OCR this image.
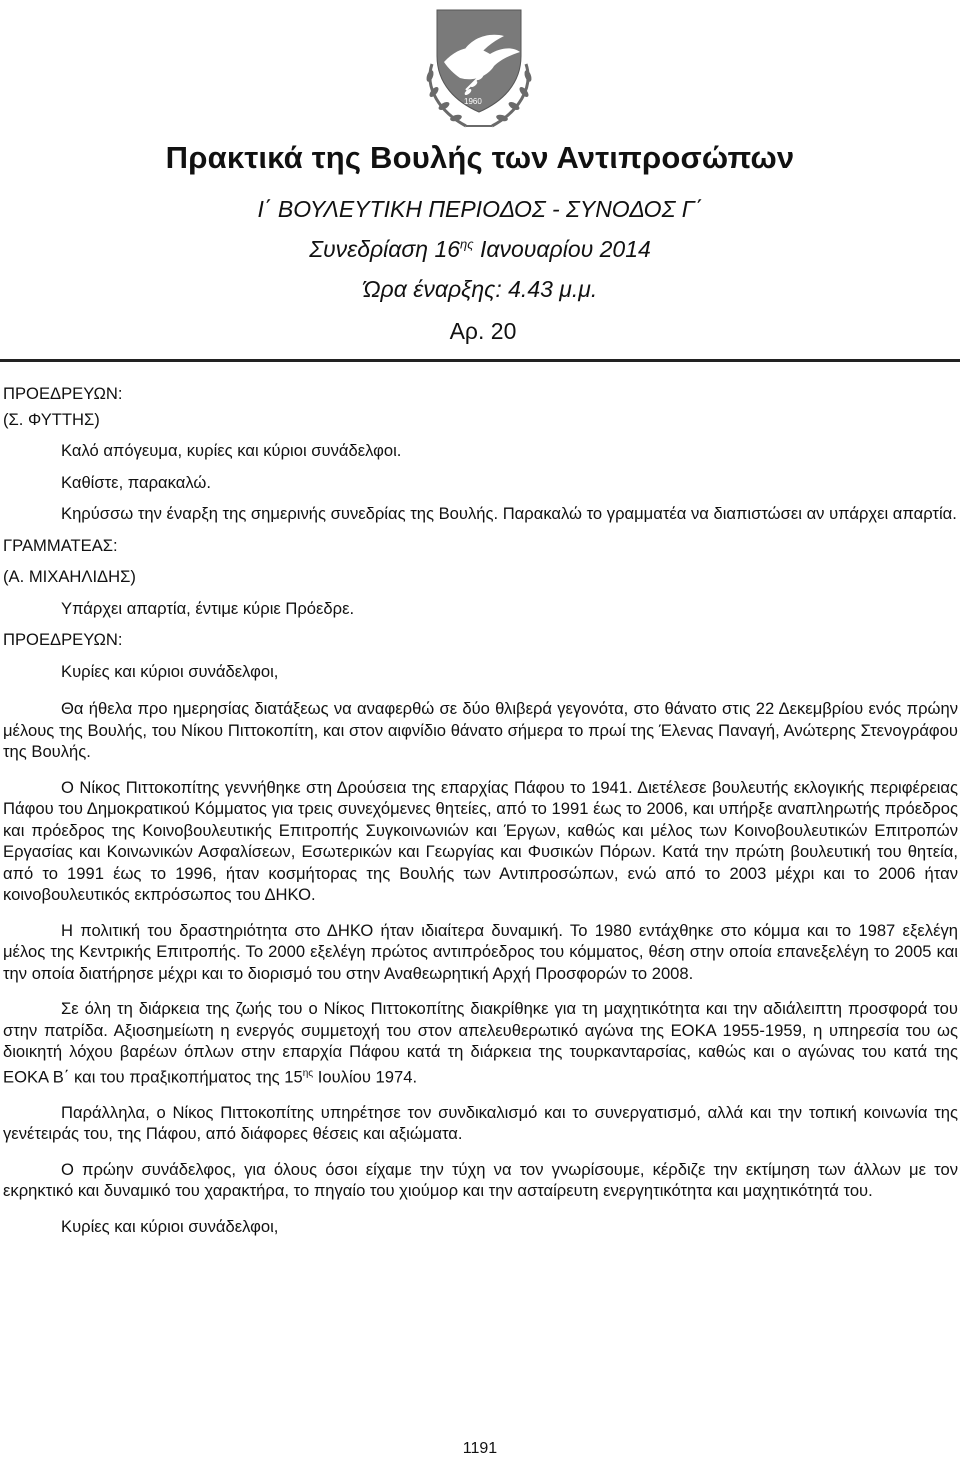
1960
Πρακτικά της Βουλής των Αντιπροσώπων
Ι΄ ΒΟΥΛΕΥΤΙΚΗ ΠΕΡΙΟΔΟΣ - ΣΥΝΟΔΟΣ Γ΄
Συνεδρίαση $16^{\eta\varsigma}$ Ιανουαρίου 2014
Ώρα έναρξης: 4.43 μ.μ.
Αρ. 20

ΠΡΟΕΔΡΕΥΩΝ:

(Σ. ΦΥΤΤΗΣ)

Καλό απόγευμα, κυρίες και κύριοι συνάδελφοι.

Καθίστε, παρακαλώ.

Κηρύσσω την έναρξη της σημερινής συνεδρίας της Βουλής. Παρακαλώ το γραμματέα να διαπιστώσει αν υπάρχει απαρτία.

ΓΡΑΜΜΑΤΕΑΣ:

(Α. ΜΙΧΑΗΛΙΔΗΣ)

Υπάρχει απαρτία, έντιμε κύριε Πρόεδρε.

ΠΡΟΕΔΡΕΥΩΝ:

Κυρίες και κύριοι συνάδελφοι,

Θα ήθελα προ ημερησίας διατάξεως να αναφερθώ σε δύο θλιβερά γεγονότα, στο θάνατο στις 22 Δεκεμβρίου ενός πρώην μέλους της Βουλής, του Νίκου Πιττοκοπίτη, και στον αιφνίδιο θάνατο σήμερα το πρωί της Έλενας Παναγή, Ανώτερης Στενογράφου της Βουλής.

Ο Νίκος Πιττοκοπίτης γεννήθηκε στη Δρούσεια της επαρχίας Πάφου το 1941. Διετέλεσε βουλευτής εκλογικής περιφέρειας Πάφου του Δημοκρατικού Κόμματος για τρεις συνεχόμενες θητείες, από το 1991 έως το 2006, και υπήρξε αναπληρωτής πρόεδρος και πρόεδρος της Κοινοβουλευτικής Επιτροπής Συγκοινωνιών και Έργων, καθώς και μέλος των Κοινοβουλευτικών Επιτροπών Εργασίας και Κοινωνικών Ασφαλίσεων, Εσωτερικών και Γεωργίας και Φυσικών Πόρων. Κατά την πρώτη βουλευτική του θητεία, από το 1991 έως το 1996, ήταν κοσμήτορας της Βουλής των Αντιπροσώπων, ενώ από το 2003 μέχρι και το 2006 ήταν κοινοβουλευτικός εκπρόσωπος του ΔΗΚΟ.

Η πολιτική του δραστηριότητα στο ΔΗΚΟ ήταν ιδιαίτερα δυναμική. Το 1980 εντάχθηκε στο κόμμα και το 1987 εξελέγη μέλος της Κεντρικής Επιτροπής. Το 2000 εξελέγη πρώτος αντιπρόεδρος του κόμματος, θέση στην οποία επανεξελέγη το 2005 και την οποία διατήρησε μέχρι και το διορισμό του στην Αναθεωρητική Αρχή Προσφορών το 2008.

Σε όλη τη διάρκεια της ζωής του ο Νίκος Πιττοκοπίτης διακρίθηκε για τη μαχητικότητα και την αδιάλειπτη προσφορά του στην πατρίδα. Αξιοσημείωτη η ενεργός συμμετοχή του στον απελευθερωτικό αγώνα της ΕΟΚΑ 1955-1959, η υπηρεσία του ως διοικητή λόχου βαρέων όπλων στην επαρχία Πάφου κατά τη διάρκεια της τουρκανταρσίας, καθώς και ο αγώνας του κατά της ΕΟΚΑ Β΄ και του πραξικοπήματος της $15^{\eta\varsigma}$ Ιουλίου 1974.

Παράλληλα, ο Νίκος Πιττοκοπίτης υπηρέτησε τον συνδικαλισμό και το συνεργατισμό, αλλά και την τοπική κοινωνία της γενέτειράς του, της Πάφου, από διάφορες θέσεις και αξιώματα.

Ο πρώην συνάδελφος, για όλους όσοι είχαμε την τύχη να τον γνωρίσουμε, κέρδιζε την εκτίμηση των άλλων με τον εκρηκτικό και δυναμικό του χαρακτήρα, το πηγαίο του χιούμορ και την ασταίρευτη ενεργητικότητα και μαχητικότητά του.

Κυρίες και κύριοι συνάδελφοι,

1191
